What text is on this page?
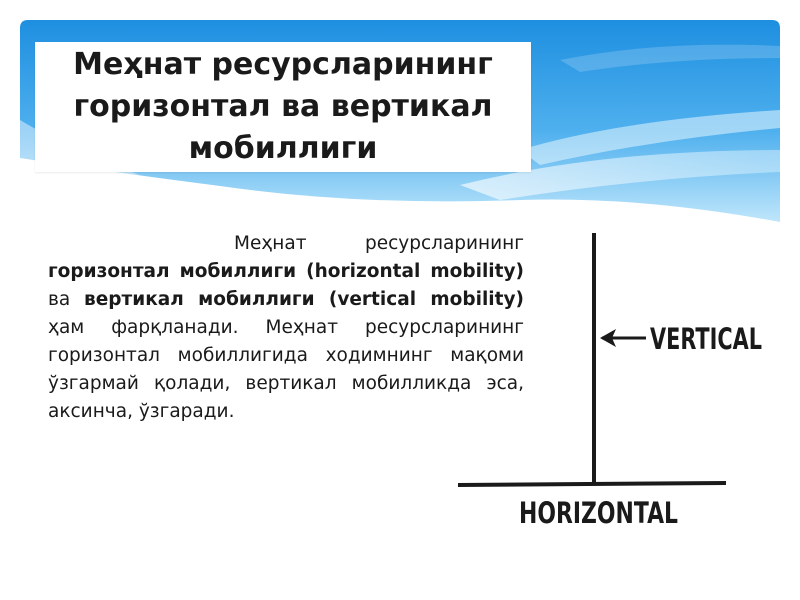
Меҳнат ресурсларининг горизонтал ва вертикал мобиллиги

Меҳнат ресурсларининг горизонтал мобиллиги (horizontal mobility) ва вертикал мобиллиги (vertical mobility) ҳам фарқланади. Меҳнат ресурсларининг горизонтал мобиллигида ходимнинг мақоми ўзгармай қолади, вертикал мобилликда эса, аксинча, ўзгаради.

VERTICAL
HORIZONTAL
